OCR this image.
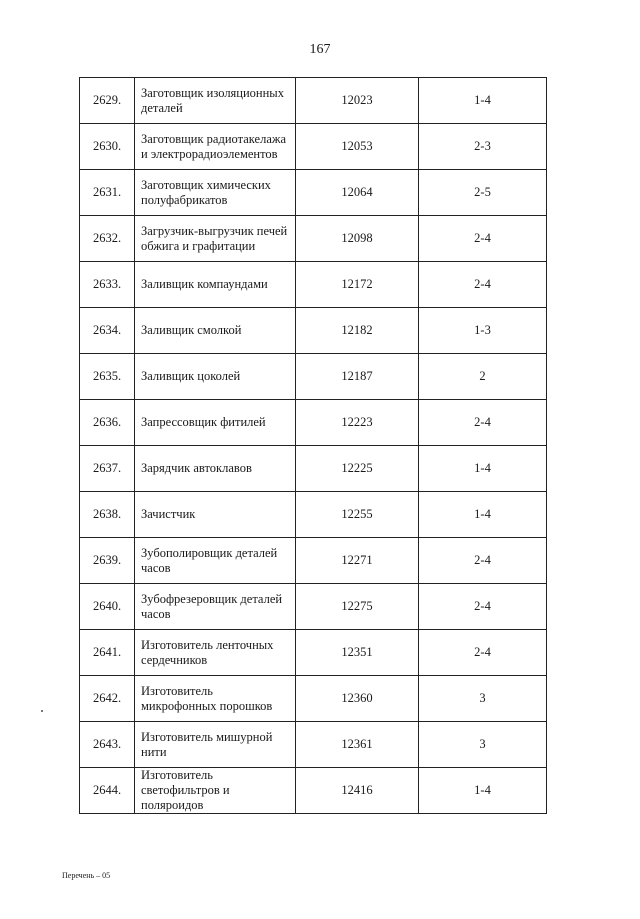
167
2629.	Заготовщик изоляционных деталей	12023	1-4
2630.	Заготовщик радиотакелажа и электрорадиоэлементов	12053	2-3
2631.	Заготовщик химических полуфабрикатов	12064	2-5
2632.	Загрузчик-выгрузчик печей обжига и графитации	12098	2-4
2633.	Заливщик компаундами	12172	2-4
2634.	Заливщик смолкой	12182	1-3
2635.	Заливщик цоколей	12187	2
2636.	Запрессовщик фитилей	12223	2-4
2637.	Зарядчик автоклавов	12225	1-4
2638.	Зачистчик	12255	1-4
2639.	Зубополировщик деталей часов	12271	2-4
2640.	Зубофрезеровщик деталей часов	12275	2-4
2641.	Изготовитель ленточных сердечников	12351	2-4
2642.	Изготовитель микрофонных порошков	12360	3
2643.	Изготовитель мишурной нити	12361	3
2644.	Изготовитель светофильтров и поляроидов	12416	1-4
Перечень – 05
